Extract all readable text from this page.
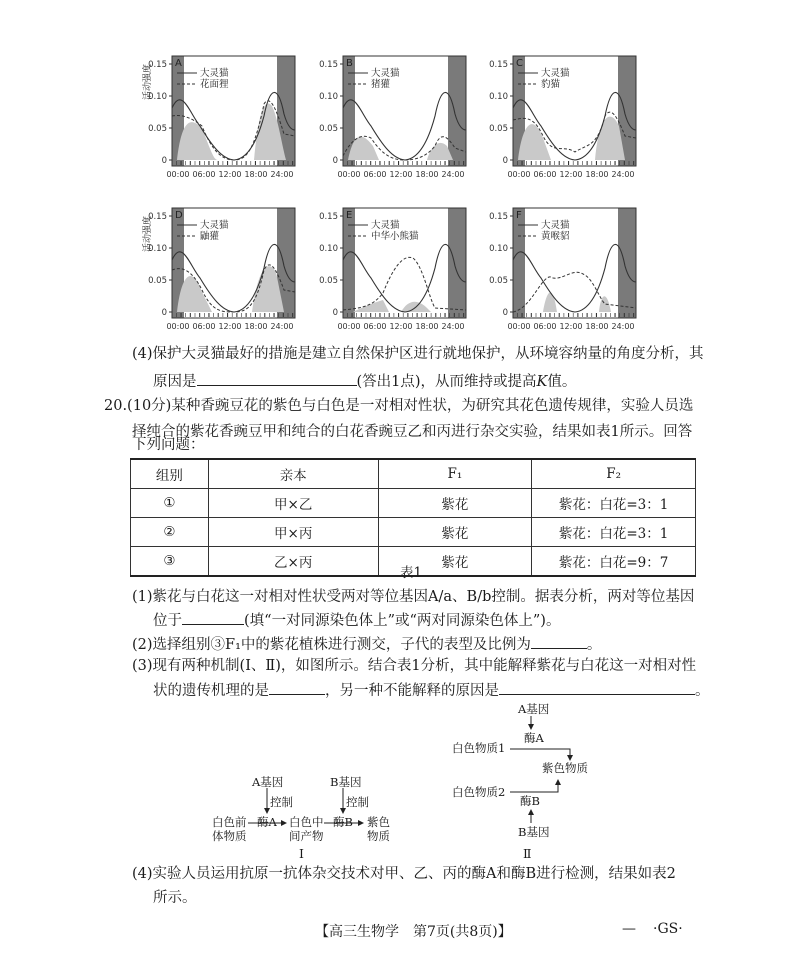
0.15
0.10
0.05
0
00:00 06:00 12:00 18:00 24:00
A
大灵猫
花面狸
活动强度	0.15
0.10
0.05
0
00:00 06:00 12:00 18:00 24:00
B
大灵猫
猪獾
0.15
0.10
0.05
0
00:00 06:00 12:00 18:00 24:00
C
大灵猫
豹猫
0.15
0.10
0.05
0
00:00 06:00 12:00 18:00 24:00
D
大灵猫
鼬獾
活动强度	0.15
0.10
0.05
0
00:00 06:00 12:00 18:00 24:00
E
大灵猫
中华小熊猫
0.15
0.10
0.05
0
00:00 06:00 12:00 18:00 24:00
F
大灵猫
黄喉貂
(4)保护大灵猫最好的措施是建立自然保护区进行就地保护，从环境容纳量的角度分析，其
原因是	(答出1点)，从而维持或提高K值。
20.(10分)某种香豌豆花的紫色与白色是一对相对性状，为研究其花色遗传规律，实验人员选
择纯合的紫花香豌豆甲和纯合的白花香豌豆乙和丙进行杂交实验，结果如表1所示。回答
下列问题：
组别	亲本	F₁	F₂
①	甲×乙	紫花	紫花：白花=3：1
②	甲×丙	紫花	紫花：白花=3：1
③	乙×丙	紫花	紫花：白花=9：7
表1
(1)紫花与白花这一对相对性状受两对等位基因A/a、B/b控制。据表分析，两对等位基因
位于	(填“一对同源染色体上”或“两对同源染色体上”)。
(2)选择组别③F₁中的紫花植株进行测交，子代的表型及比例为	。
(3)现有两种机制(Ⅰ、Ⅱ)，如图所示。结合表1分析，其中能解释紫花与白花这一对相对性
状的遗传机理的是	，另一种不能解释的原因是	。
A基因	B基因
控制	控制
白色前
体物质
酶A 白色中
间产物
酶B 紫色
物质
Ⅰ
A基因
酶A
白色物质1
紫色物质
白色物质2
酶B
B基因
Ⅱ
(4)实验人员运用抗原一抗体杂交技术对甲、乙、丙的酶A和酶B进行检测，结果如表2
所示。
【高三生物学　第7页(共8页)】	— ·GS·
